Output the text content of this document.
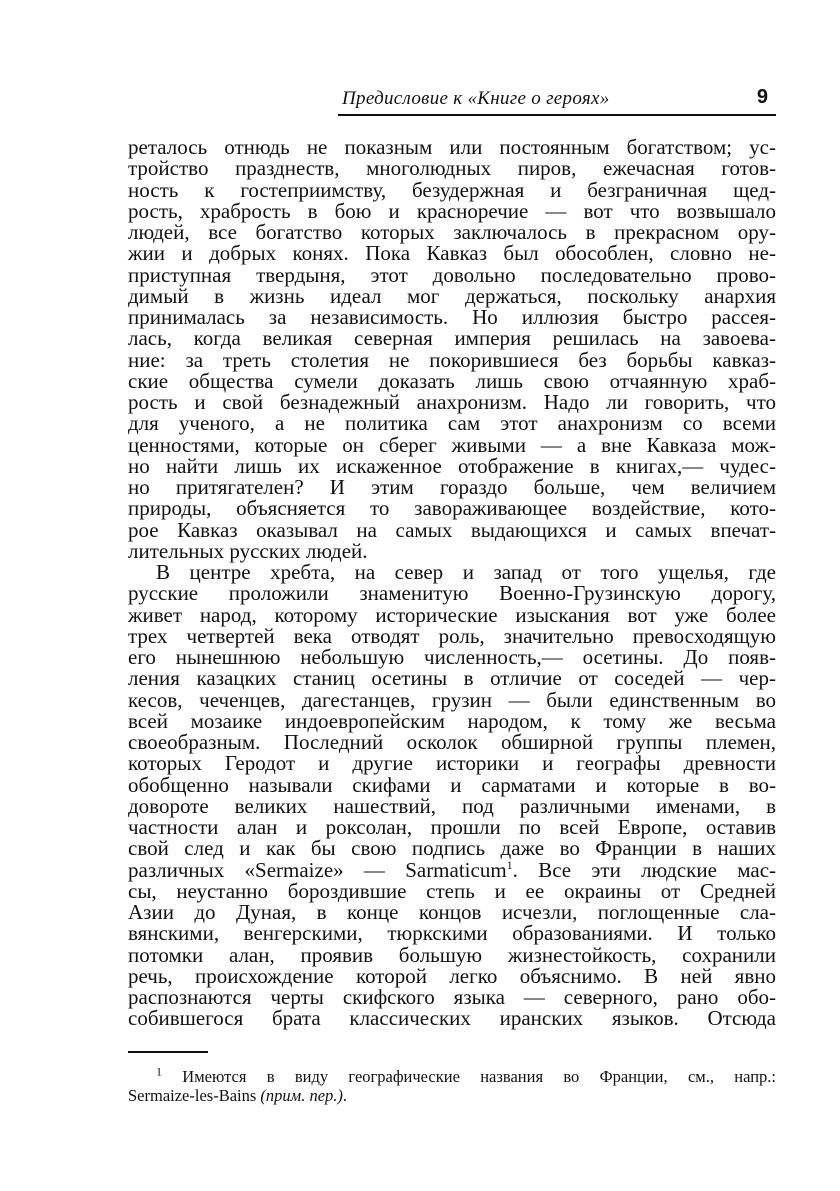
Предисловие к «Книге о героях»	9
реталось отнюдь не показным или постоянным богатством; ус-
тройство празднеств, многолюдных пиров, ежечасная готов-
ность к гостеприимству, безудержная и безграничная щед-
рость, храбрость в бою и красноречие — вот что возвышало
людей, все богатство которых заключалось в прекрасном ору-
жии и добрых конях. Пока Кавказ был обособлен, словно не-
приступная твердыня, этот довольно последовательно прово-
димый в жизнь идеал мог держаться, поскольку анархия
принималась за независимость. Но иллюзия быстро рассея-
лась, когда великая северная империя решилась на завоева-
ние: за треть столетия не покорившиеся без борьбы кавказ-
ские общества сумели доказать лишь свою отчаянную храб-
рость и свой безнадежный анахронизм. Надо ли говорить, что
для ученого, а не политика сам этот анахронизм со всеми
ценностями, которые он сберег живыми — а вне Кавказа мож-
но найти лишь их искаженное отображение в книгах,— чудес-
но притягателен? И этим гораздо больше, чем величием
природы, объясняется то завораживающее воздействие, кото-
рое Кавказ оказывал на самых выдающихся и самых впечат-
лительных русских людей.
В центре хребта, на север и запад от того ущелья, где
русские проложили знаменитую Военно-Грузинскую дорогу,
живет народ, которому исторические изыскания вот уже более
трех четвертей века отводят роль, значительно превосходящую
его нынешнюю небольшую численность,— осетины. До появ-
ления казацких станиц осетины в отличие от соседей — чер-
кесов, чеченцев, дагестанцев, грузин — были единственным во
всей мозаике индоевропейским народом, к тому же весьма
своеобразным. Последний осколок обширной группы племен,
которых Геродот и другие историки и географы древности
обобщенно называли скифами и сарматами и которые в во-
довороте великих нашествий, под различными именами, в
частности алан и роксолан, прошли по всей Европе, оставив
свой след и как бы свою подпись даже во Франции в наших
различных «Sermaize» — Sarmaticum$^1$. Все эти людские мас-
сы, неустанно бороздившие степь и ее окраины от Средней
Азии до Дуная, в конце концов исчезли, поглощенные сла-
вянскими, венгерскими, тюркскими образованиями. И только
потомки алан, проявив большую жизнестойкость, сохранили
речь, происхождение которой легко объяснимо. В ней явно
распознаются черты скифского языка — северного, рано обо-
собившегося брата классических иранских языков. Отсюда
$^1$ Имеются в виду географические названия во Франции, см., напр.:
Sermaize-les-Bains (прим. пер.).
